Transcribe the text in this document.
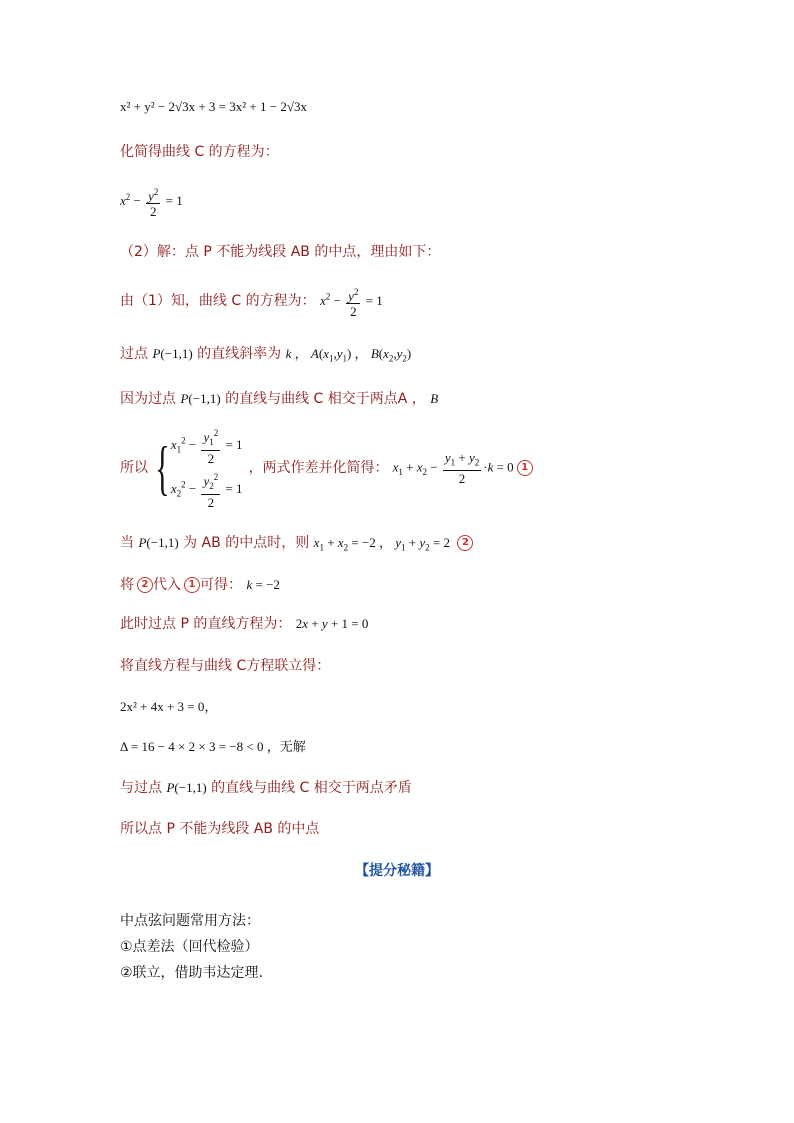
x² + y² − 2√3x + 3 = 3x² + 1 − 2√3x
化简得曲线 C 的方程为：
$x^2 - \frac{y^2}{2} = 1$
（2）解：点 P 不能为线段 AB 的中点，理由如下：
由（1）知，曲线 C 的方程为： $x^2 - \frac{y^2}{2} = 1$
过点 P(−1,1) 的直线斜率为 k ， $A(x_1,y_1)$ ， $B(x_2,y_2)$
因为过点 P(−1,1) 的直线与曲线 C 相交于两点A ， B
所以 { $x_1^2 - \frac{y_1^2}{2} = 1$
$x_2^2 - \frac{y_2^2}{2} = 1$
，两式作差并化简得： $x_1 + x_2 - \frac{y_1 + y_2}{2} \cdot k = 0$ 1
当 P(−1,1) 为 AB 的中点时，则 $x_1 + x_2 = -2$ ， $y_1 + y_2 = 2$ 2
将 2 代入 1 可得： k = −2
此时过点 P 的直线方程为： 2x + y + 1 = 0
将直线方程与曲线 C方程联立得：
2x² + 4x + 3 = 0，
Δ = 16 − 4 × 2 × 3 = −8 < 0 ，无解
与过点 P(−1,1) 的直线与曲线 C 相交于两点矛盾
所以点 P 不能为线段 AB 的中点
【提分秘籍】
中点弦问题常用方法：
①点差法（回代检验）
②联立，借助韦达定理.
